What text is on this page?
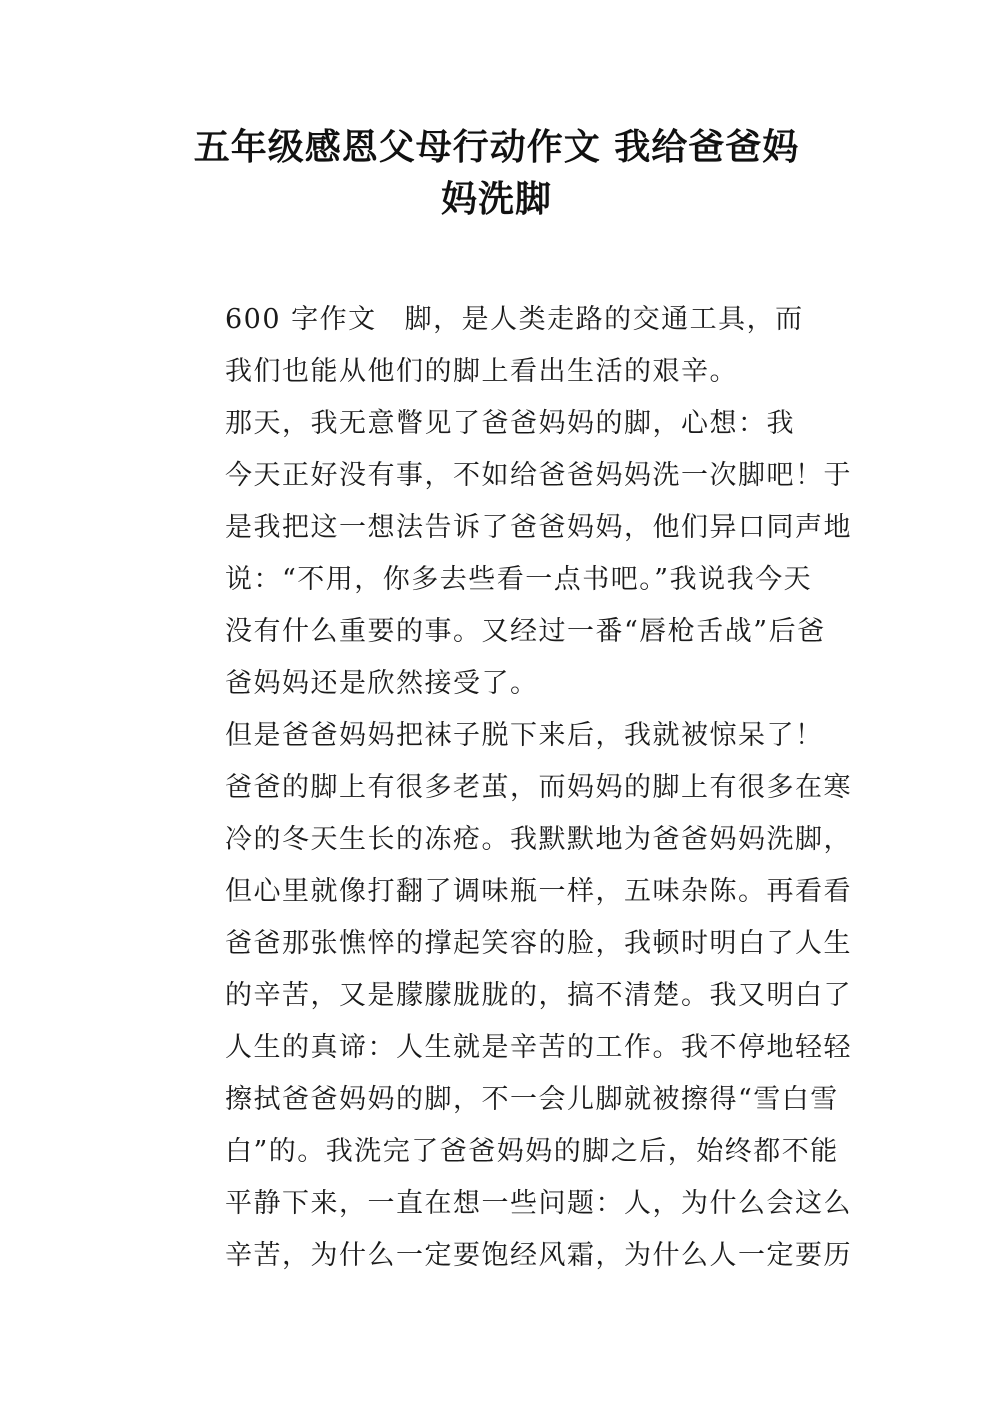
五年级感恩父母行动作文 我给爸爸妈
妈洗脚

600 字作文 脚，是人类走路的交通工具，而
我们也能从他们的脚上看出生活的艰辛。

那天，我无意瞥见了爸爸妈妈的脚，心想：我
今天正好没有事，不如给爸爸妈妈洗一次脚吧！于
是我把这一想法告诉了爸爸妈妈，他们异口同声地
说：“不用，你多去些看一点书吧。”我说我今天
没有什么重要的事。又经过一番“唇枪舌战”后爸
爸妈妈还是欣然接受了。

但是爸爸妈妈把袜子脱下来后，我就被惊呆了！
爸爸的脚上有很多老茧，而妈妈的脚上有很多在寒
冷的冬天生长的冻疮。我默默地为爸爸妈妈洗脚，
但心里就像打翻了调味瓶一样，五味杂陈。再看看
爸爸那张憔悴的撑起笑容的脸，我顿时明白了人生
的辛苦，又是朦朦胧胧的，搞不清楚。我又明白了
人生的真谛：人生就是辛苦的工作。我不停地轻轻
擦拭爸爸妈妈的脚，不一会儿脚就被擦得“雪白雪
白”的。我洗完了爸爸妈妈的脚之后，始终都不能
平静下来，一直在想一些问题：人，为什么会这么
辛苦，为什么一定要饱经风霜，为什么人一定要历
